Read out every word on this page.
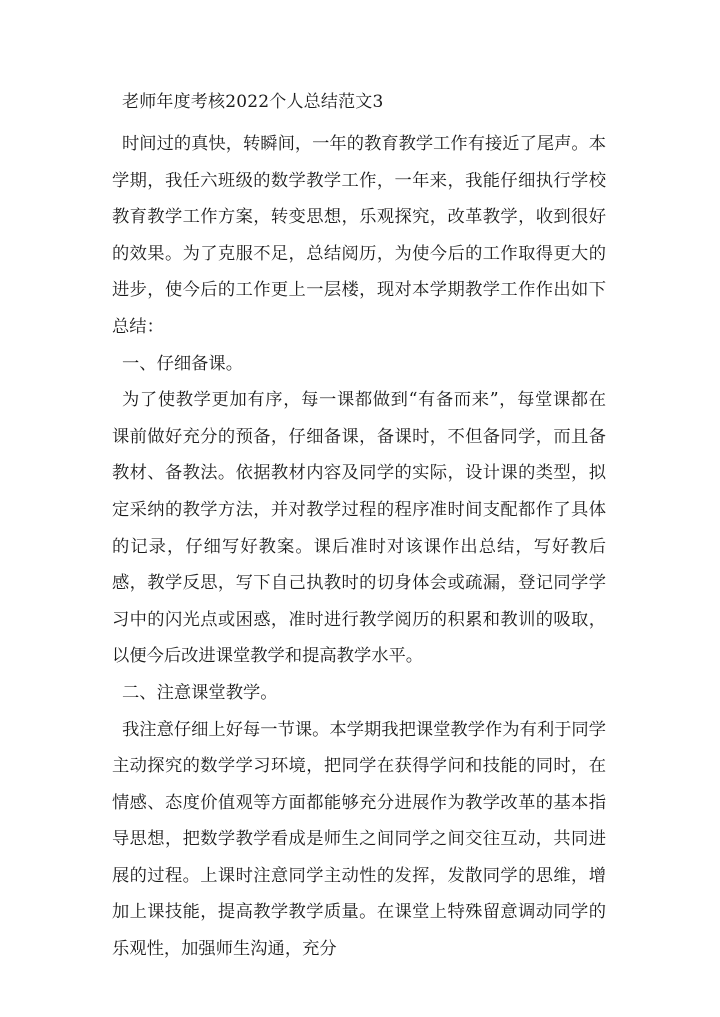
老师年度考核2022个人总结范文3

时间过的真快，转瞬间，一年的教育教学工作有接近了尾声。本学期，我任六班级的数学教学工作，一年来，我能仔细执行学校教育教学工作方案，转变思想，乐观探究，改革教学，收到很好的效果。为了克服不足，总结阅历，为使今后的工作取得更大的进步，使今后的工作更上一层楼，现对本学期教学工作作出如下总结：

一、仔细备课。

为了使教学更加有序，每一课都做到“有备而来”，每堂课都在课前做好充分的预备，仔细备课，备课时，不但备同学，而且备教材、备教法。依据教材内容及同学的实际，设计课的类型，拟定采纳的教学方法，并对教学过程的程序准时间支配都作了具体的记录，仔细写好教案。课后准时对该课作出总结，写好教后感，教学反思，写下自己执教时的切身体会或疏漏，登记同学学习中的闪光点或困惑，准时进行教学阅历的积累和教训的吸取，以便今后改进课堂教学和提高教学水平。

二、注意课堂教学。

我注意仔细上好每一节课。本学期我把课堂教学作为有利于同学主动探究的数学学习环境，把同学在获得学问和技能的同时，在情感、态度价值观等方面都能够充分进展作为教学改革的基本指导思想，把数学教学看成是师生之间同学之间交往互动，共同进展的过程。上课时注意同学主动性的发挥，发散同学的思维，增加上课技能，提高教学教学质量。在课堂上特殊留意调动同学的乐观性，加强师生沟通，充分
